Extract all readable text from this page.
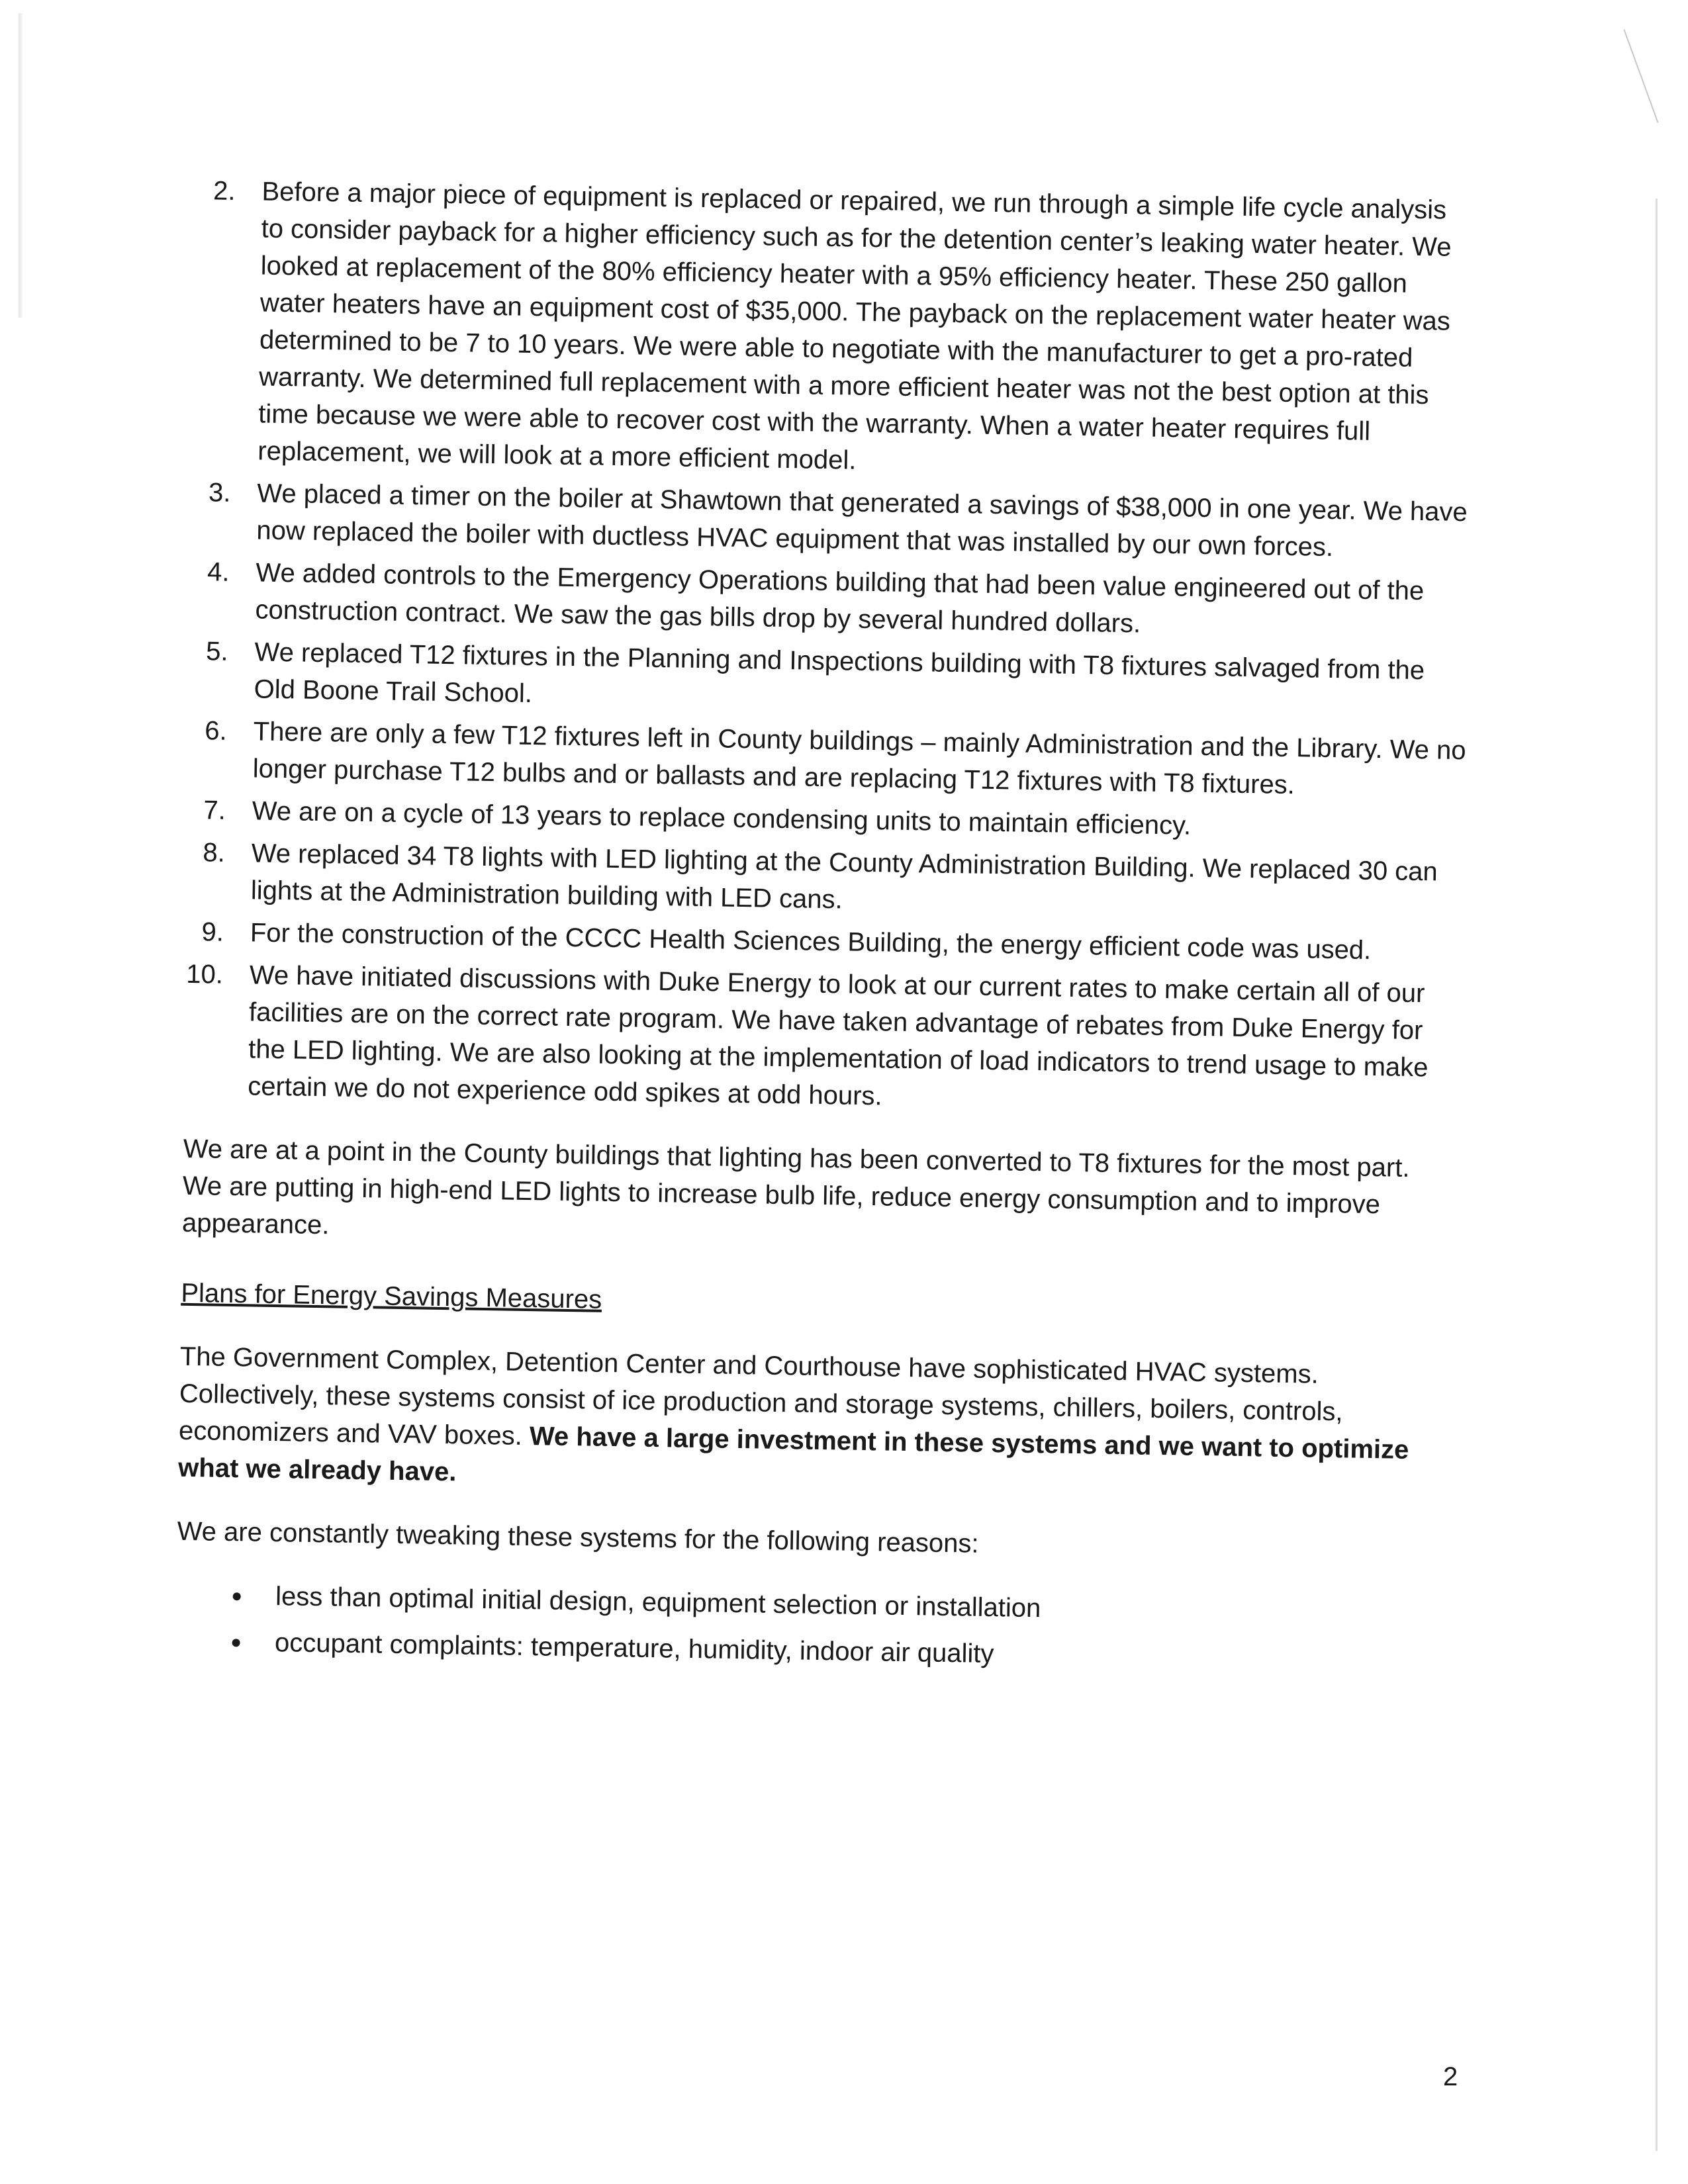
2. Before a major piece of equipment is replaced or repaired, we run through a simple life cycle analysis to consider payback for a higher efficiency such as for the detention center’s leaking water heater. We looked at replacement of the 80% efficiency heater with a 95% efficiency heater. These 250 gallon water heaters have an equipment cost of $35,000. The payback on the replacement water heater was determined to be 7 to 10 years. We were able to negotiate with the manufacturer to get a pro-rated warranty. We determined full replacement with a more efficient heater was not the best option at this time because we were able to recover cost with the warranty. When a water heater requires full replacement, we will look at a more efficient model.
3. We placed a timer on the boiler at Shawtown that generated a savings of $38,000 in one year. We have now replaced the boiler with ductless HVAC equipment that was installed by our own forces.
4. We added controls to the Emergency Operations building that had been value engineered out of the construction contract. We saw the gas bills drop by several hundred dollars.
5. We replaced T12 fixtures in the Planning and Inspections building with T8 fixtures salvaged from the Old Boone Trail School.
6. There are only a few T12 fixtures left in County buildings – mainly Administration and the Library. We no longer purchase T12 bulbs and or ballasts and are replacing T12 fixtures with T8 fixtures.
7. We are on a cycle of 13 years to replace condensing units to maintain efficiency.
8. We replaced 34 T8 lights with LED lighting at the County Administration Building. We replaced 30 can lights at the Administration building with LED cans.
9. For the construction of the CCCC Health Sciences Building, the energy efficient code was used.
10. We have initiated discussions with Duke Energy to look at our current rates to make certain all of our facilities are on the correct rate program. We have taken advantage of rebates from Duke Energy for the LED lighting. We are also looking at the implementation of load indicators to trend usage to make certain we do not experience odd spikes at odd hours.

We are at a point in the County buildings that lighting has been converted to T8 fixtures for the most part. We are putting in high-end LED lights to increase bulb life, reduce energy consumption and to improve appearance.

Plans for Energy Savings Measures

The Government Complex, Detention Center and Courthouse have sophisticated HVAC systems. Collectively, these systems consist of ice production and storage systems, chillers, boilers, controls, economizers and VAV boxes. We have a large investment in these systems and we want to optimize what we already have.

We are constantly tweaking these systems for the following reasons:

●	less than optimal initial design, equipment selection or installation
●	occupant complaints: temperature, humidity, indoor air quality
2
